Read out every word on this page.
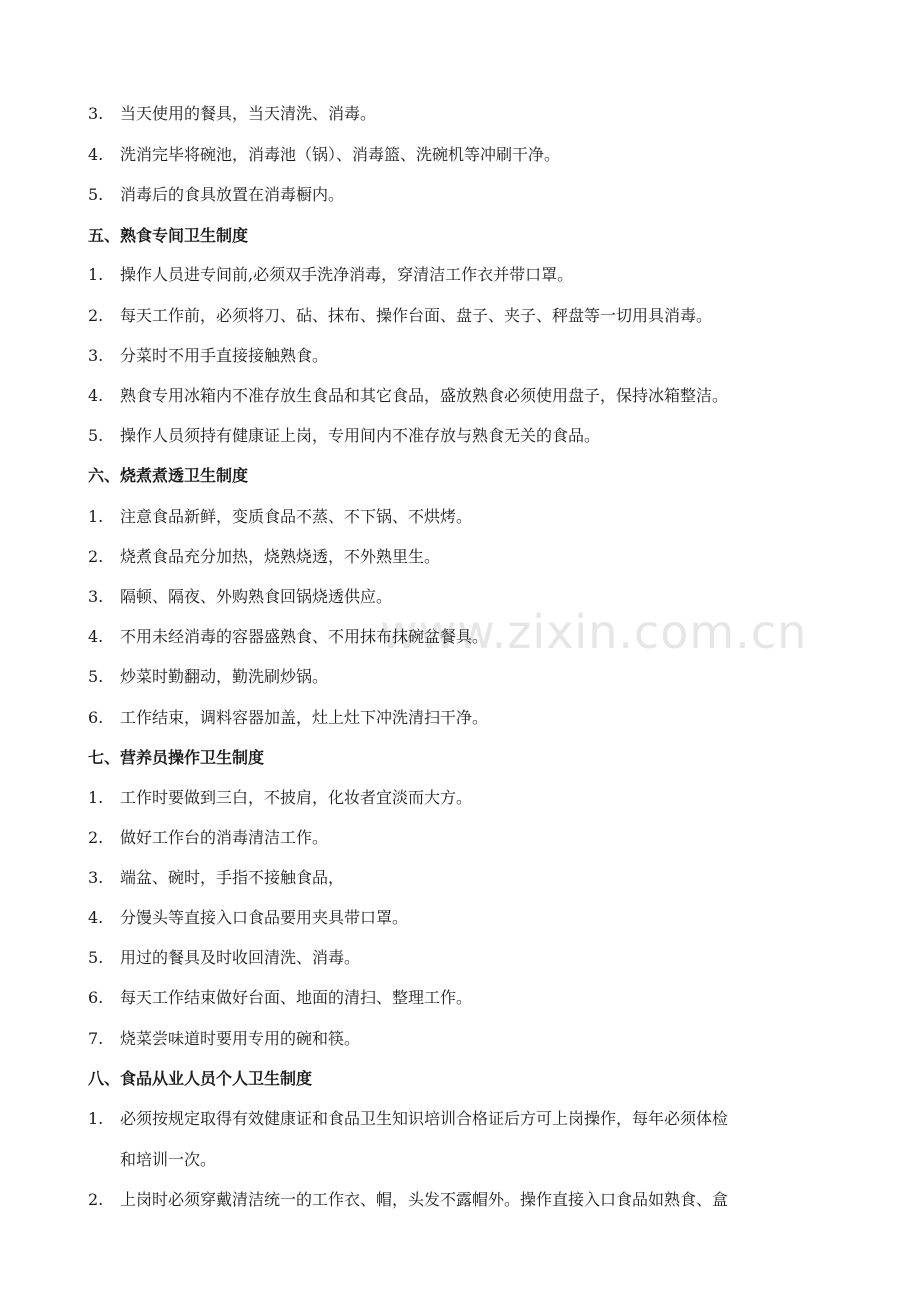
www.zixin.com.cn
3. 当天使用的餐具，当天清洗、消毒。
4. 洗消完毕将碗池，消毒池（锅）、消毒篮、洗碗机等冲刷干净。
5. 消毒后的食具放置在消毒橱内。
五、熟食专间卫生制度
1. 操作人员进专间前,必须双手洗净消毒，穿清洁工作衣并带口罩。
2. 每天工作前，必须将刀、砧、抹布、操作台面、盘子、夹子、秤盘等一切用具消毒。
3. 分菜时不用手直接接触熟食。
4. 熟食专用冰箱内不准存放生食品和其它食品，盛放熟食必须使用盘子，保持冰箱整洁。
5. 操作人员须持有健康证上岗，专用间内不准存放与熟食无关的食品。
六、烧煮煮透卫生制度
1. 注意食品新鲜，变质食品不蒸、不下锅、不烘烤。
2. 烧煮食品充分加热，烧熟烧透，不外熟里生。
3. 隔顿、隔夜、外购熟食回锅烧透供应。
4. 不用未经消毒的容器盛熟食、不用抹布抹碗盆餐具。
5. 炒菜时勤翻动，勤洗刷炒锅。
6. 工作结束，调料容器加盖，灶上灶下冲洗清扫干净。
七、营养员操作卫生制度
1. 工作时要做到三白，不披肩，化妆者宜淡而大方。
2. 做好工作台的消毒清洁工作。
3. 端盆、碗时，手指不接触食品，
4. 分馒头等直接入口食品要用夹具带口罩。
5. 用过的餐具及时收回清洗、消毒。
6. 每天工作结束做好台面、地面的清扫、整理工作。
7. 烧菜尝味道时要用专用的碗和筷。
八、食品从业人员个人卫生制度
1. 必须按规定取得有效健康证和食品卫生知识培训合格证后方可上岗操作，每年必须体检
和培训一次。
2. 上岗时必须穿戴清洁统一的工作衣、帽，头发不露帽外。操作直接入口食品如熟食、盒
